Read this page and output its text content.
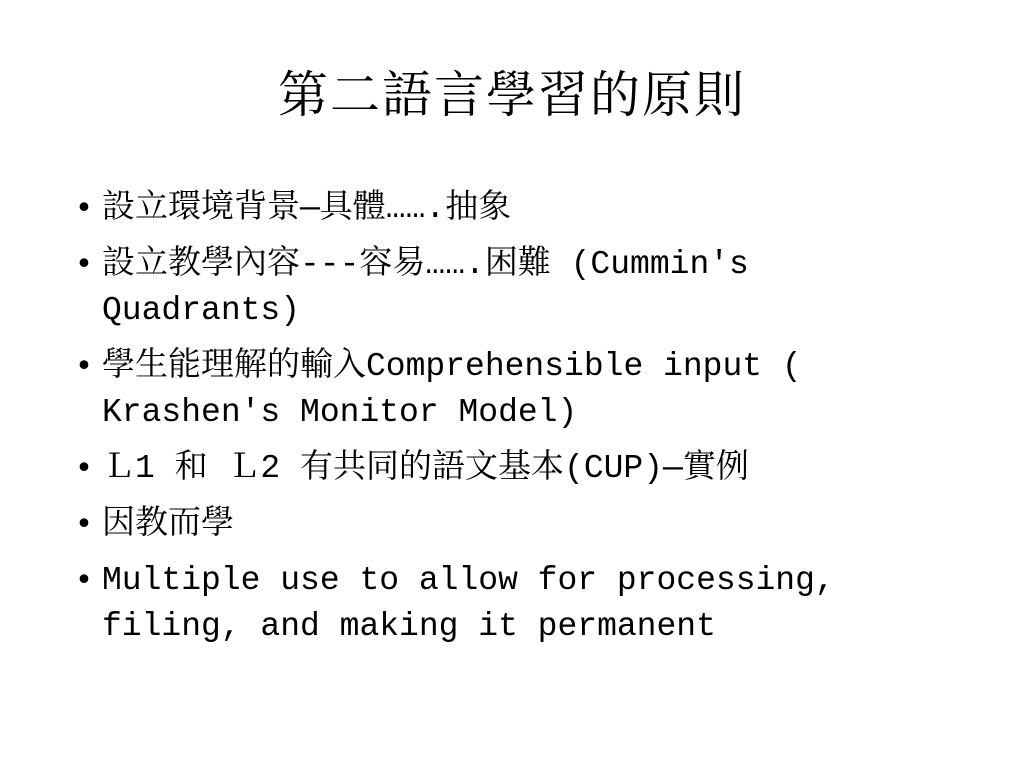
第二語言學習的原則
• 設立環境背景—具體…….抽象
• 設立教學內容---容易…….困難 (Cummin's Quadrants)
• 學生能理解的輸入Comprehensible input ( Krashen's Monitor Model)
• Ｌ1 和 Ｌ2 有共同的語文基本(CUP)—實例
• 因教而學
• Multiple use to allow for processing, filing, and making it permanent
